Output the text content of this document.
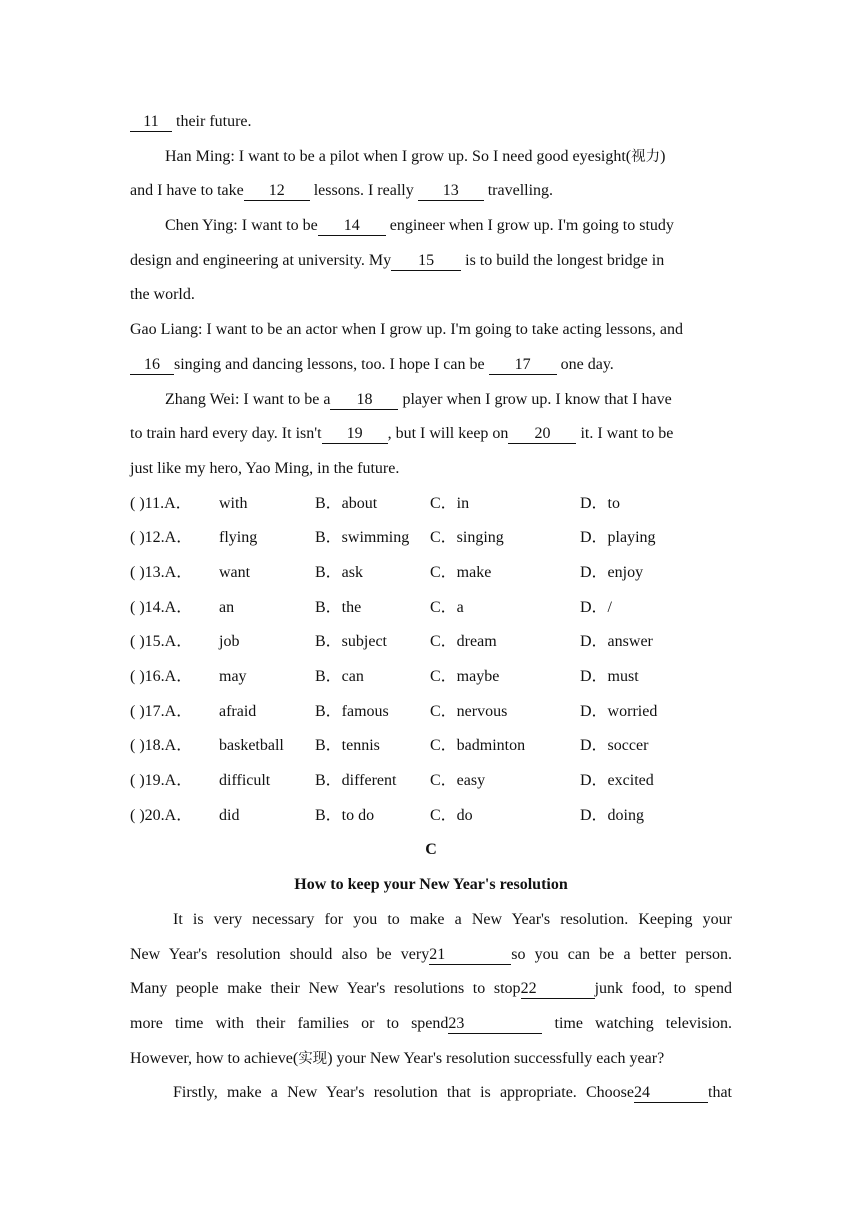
11 their future.
Han Ming: I want to be a pilot when I grow up. So I need good eyesight(视力)
and I have to take 12 lessons. I really 13 travelling.
Chen Ying: I want to be 14 engineer when I grow up. I'm going to study
design and engineering at university. My 15 is to build the longest bridge in
the world.
Gao Liang: I want to be an actor when I grow up. I'm going to take acting lessons, and
16 singing and dancing lessons, too. I hope I can be 17 one day.
Zhang Wei: I want to be a 18 player when I grow up. I know that I have
to train hard every day. It isn't 19 , but I will keep on 20 it. I want to be
just like my hero, Yao Ming, in the future.
( )11.A． with	B．about	C．in	D．to
( )12.A． flying	B．swimming C．singing	D．playing
( )13.A． want	B．ask	C．make	D．enjoy
( )14.A． an	B．the	C．a	D．/
( )15.A． job	B．subject	C．dream	D．answer
( )16.A． may	B．can	C．maybe	D．must
( )17.A． afraid	B．famous	C．nervous	D．worried
( )18.A． basketball B．tennis	C．badminton	D．soccer
( )19.A． difficult	B．different C．easy	D．excited
( )20.A． did	B．to do	C．do	D．doing
C
How to keep your New Year's resolution
It is very necessary for you to make a New Year's resolution. Keeping your
New Year's resolution should also be very21	so you can be a better person.
Many people make their New Year's resolutions to stop22	junk food, to spend
more time with their families or to spend23	time watching television.
However, how to achieve(实现) your New Year's resolution successfully each year?
Firstly, make a New Year's resolution that is appropriate. Choose24	that
